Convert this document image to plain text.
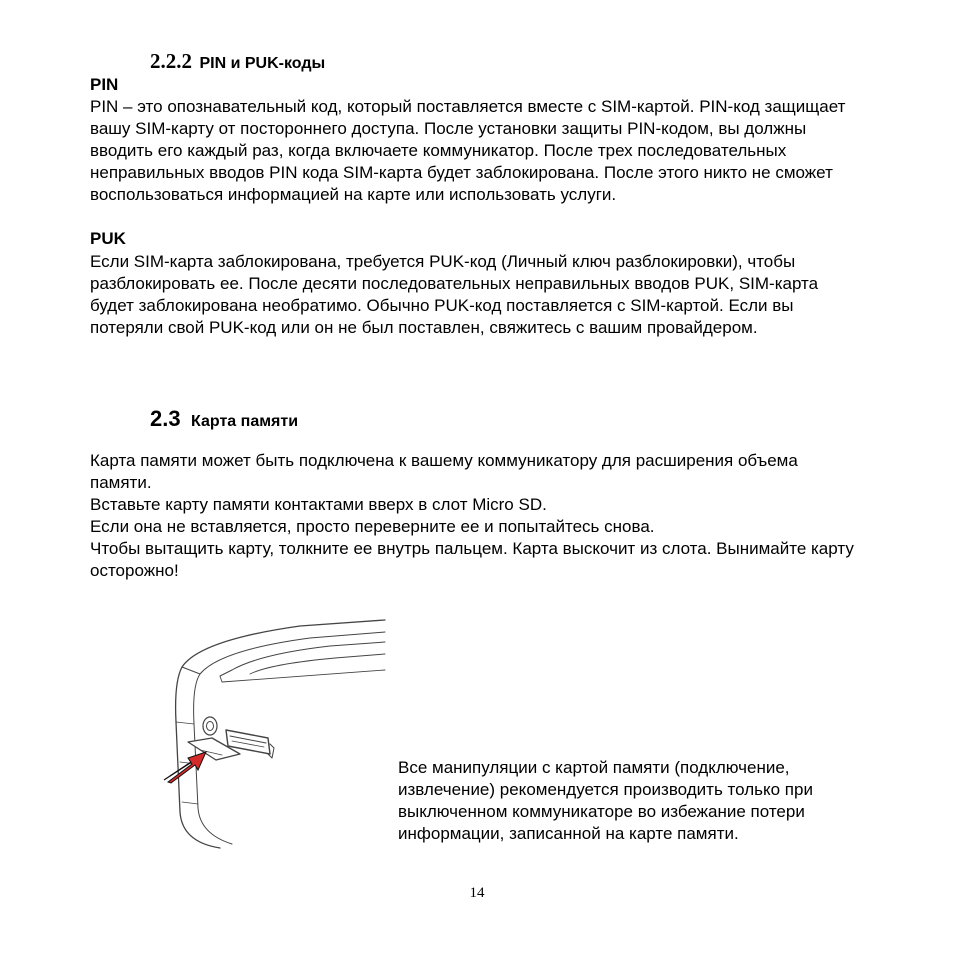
2.2.2 PIN и PUK-коды
PIN

PIN – это опознавательный код, который поставляется вместе с SIM-картой. PIN-код защищает вашу SIM-карту от постороннего доступа. После установки защиты PIN-кодом, вы должны вводить его каждый раз, когда включаете коммуникатор. После трех последовательных неправильных вводов PIN кода SIM-карта будет заблокирована. После этого никто не сможет воспользоваться информацией на карте или использовать услуги.

PUK

Если SIM-карта заблокирована, требуется PUK-код (Личный ключ разблокировки), чтобы разблокировать ее. После десяти последовательных неправильных вводов PUK, SIM-карта будет заблокирована необратимо. Обычно PUK-код поставляется с SIM-картой. Если вы потеряли свой PUK-код или он не был поставлен, свяжитесь с вашим провайдером.

2.3 Карта памяти

Карта памяти может быть подключена к вашему коммуникатору для расширения объема памяти.

Вставьте карту памяти контактами вверх в слот Micro SD.

Если она не вставляется, просто переверните ее и попытайтесь снова.

Чтобы вытащить карту, толкните ее внутрь пальцем. Карта выскочит из слота. Вынимайте карту осторожно!

Все манипуляции с картой памяти (подключение, извлечение) рекомендуется производить только при выключенном коммуникаторе во избежание потери информации, записанной на карте памяти.

14
